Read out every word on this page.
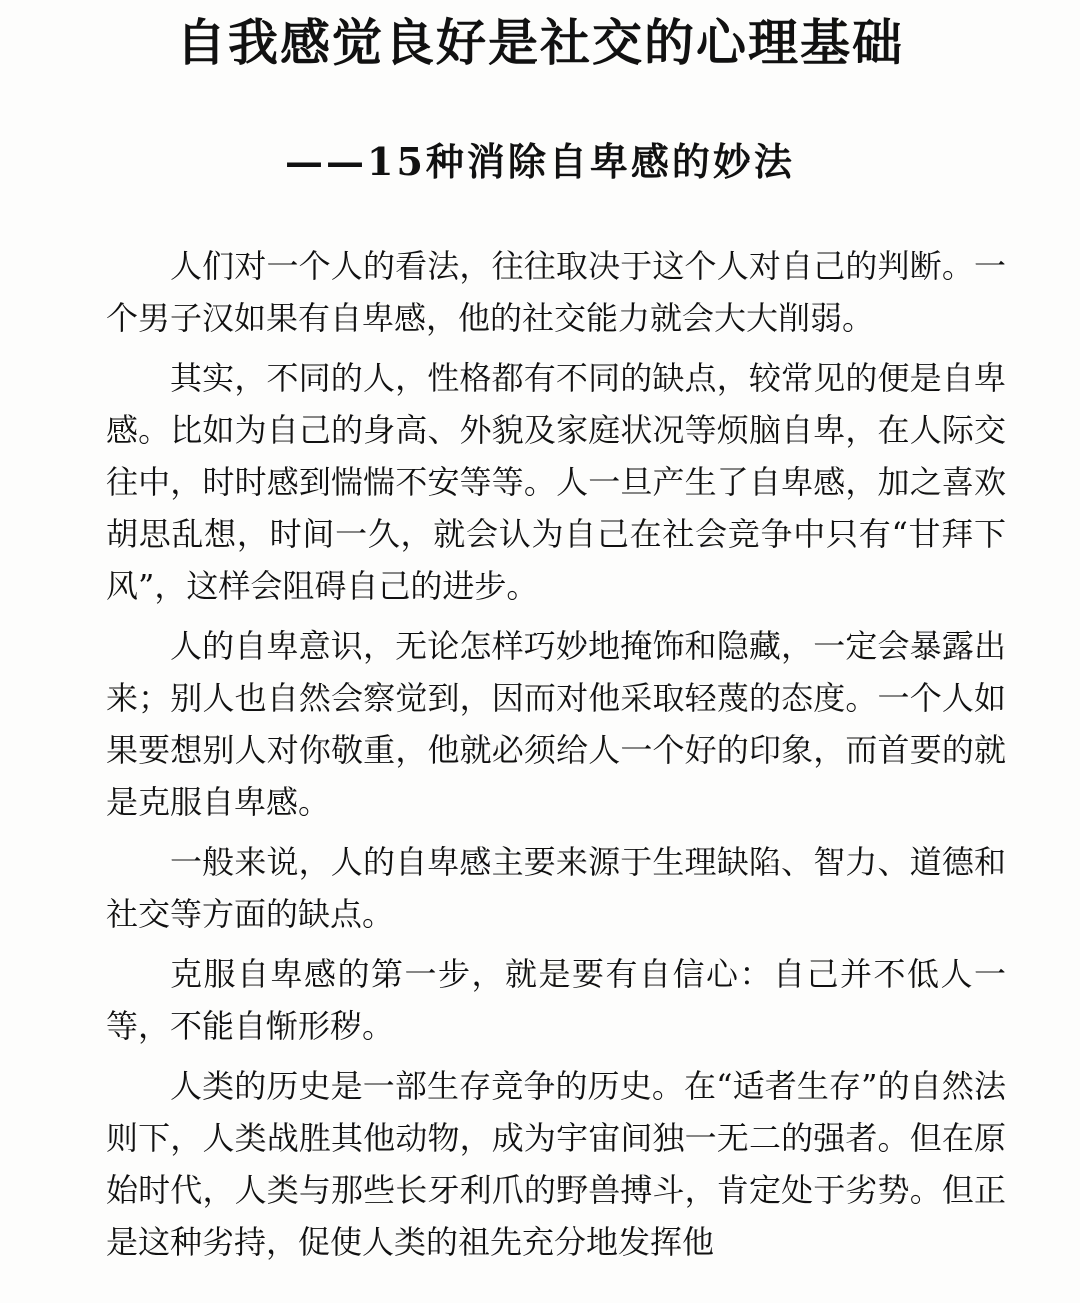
自我感觉良好是社交的心理基础
——15种消除自卑感的妙法

人们对一个人的看法，往往取决于这个人对自己的判断。一个男子汉如果有自卑感，他的社交能力就会大大削弱。

其实，不同的人，性格都有不同的缺点，较常见的便是自卑感。比如为自己的身高、外貌及家庭状况等烦脑自卑，在人际交往中，时时感到惴惴不安等等。人一旦产生了自卑感，加之喜欢胡思乱想，时间一久，就会认为自己在社会竞争中只有“甘拜下风”，这样会阻碍自己的进步。

人的自卑意识，无论怎样巧妙地掩饰和隐藏，一定会暴露出来；别人也自然会察觉到，因而对他采取轻蔑的态度。一个人如果要想别人对你敬重，他就必须给人一个好的印象，而首要的就是克服自卑感。

一般来说，人的自卑感主要来源于生理缺陷、智力、道德和社交等方面的缺点。

克服自卑感的第一步，就是要有自信心：自己并不低人一等，不能自惭形秽。

人类的历史是一部生存竞争的历史。在“适者生存”的自然法则下，人类战胜其他动物，成为宇宙间独一无二的强者。但在原始时代，人类与那些长牙利爪的野兽搏斗，肯定处于劣势。但正是这种劣持，促使人类的祖先充分地发挥他
